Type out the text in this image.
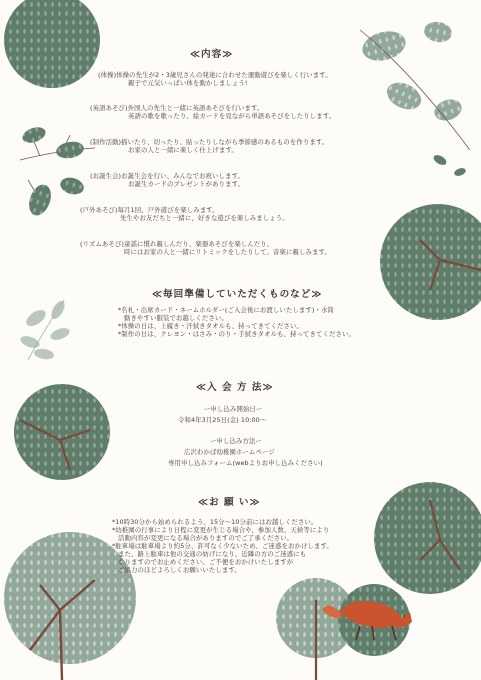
≪内容≫
(体操)体操の先生が2・3歳児さんの発達に合わせた運動遊びを楽しく行います。
親子で元気いっぱい体を動かしましょう!
(英語あそび)外国人の先生と一緒に英語あそびを行います。
英語の歌を歌ったり、絵カードを見ながら単語あそびをしたりします。
(制作活動)描いたり、切ったり、貼ったりしながら季節感のあるものを作ります。
お家の人と一緒に楽しく仕上げます。
(お誕生会)お誕生会を行い、みんなでお祝いします。
お誕生カードのプレゼントがあります。
(戸外あそび)毎月1回、戸外遊びを楽しみます。
先生やお友だちと一緒に、好きな遊びを楽しみましょう。
(リズムあそび)童謡に慣れ親しんだり、楽器あそびを楽しんだり、
時にはお家の人と一緒にリトミックをしたりして、音楽に親しみます。
≪毎回準備していただくものなど≫
*名札・出席カード・ネームホルダー(ご入会後にお渡しいたします)・水筒
動きやすい服装でお越しください。
*体操の日は、上履き・汗拭きタオルも、持ってきてください。
*制作の日は、クレヨン・はさみ・のり・手拭きタオルも、持ってきてください。
≪入 会 方 法≫
ー申し込み開始日ー
令和4年3月25日(金) 10:00〜
ー申し込み方法ー
広沢わかば幼稚園ホームページ
専用申し込みフォーム(webよりお申し込みください)
≪お 願 い≫
*10時30分から始められるよう、15分〜10分前にはお越しください。
*幼稚園の行事により日程に変更が生じる場合や、参加人数、天候等により
活動内容が変更になる場合がありますのでご了承ください。
*駐車場は駐車場より約5分、許可なく少ないため、ご迷惑をおかけします。
また、路上駐車は他の交通の妨げになり、近隣の方のご迷惑にも
なりますのでお止めください。ご不便をおかけいたしますが
ご協力のほどよろしくお願いいたします。
